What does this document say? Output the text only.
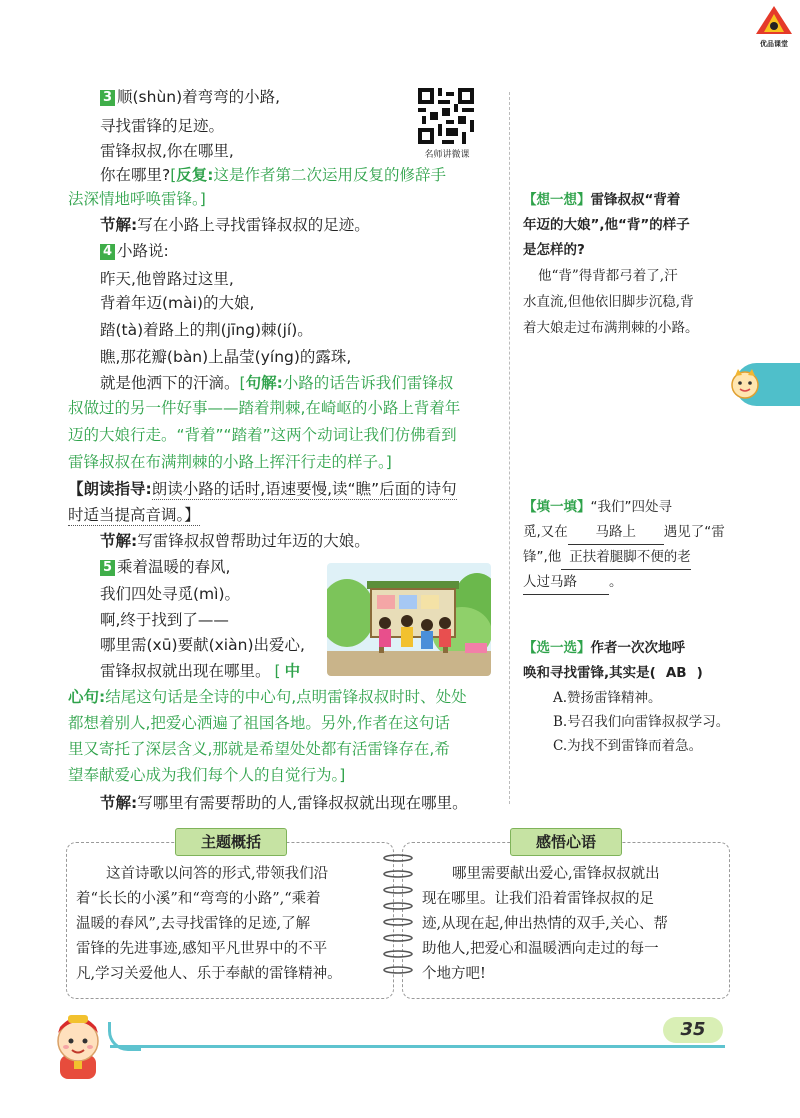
优品课堂
名师讲微课
3 顺(shùn)着弯弯的小路,
寻找雷锋的足迹。
雷锋叔叔,你在哪里,
你在哪里?[反复:这是作者第二次运用反复的修辞手
法深情地呼唤雷锋。]
节解:写在小路上寻找雷锋叔叔的足迹。
4 小路说:
昨天,他曾路过这里,
背着年迈(mài)的大娘,
踏(tà)着路上的荆(jīng)棘(jí)。
瞧,那花瓣(bàn)上晶莹(yíng)的露珠,
就是他洒下的汗滴。[句解:小路的话告诉我们雷锋叔
叔做过的另一件好事——踏着荆棘,在崎岖的小路上背着年
迈的大娘行走。“背着”“踏着”这两个动词让我们仿佛看到
雷锋叔叔在布满荆棘的小路上挥汗行走的样子。]
【朗读指导:朗读小路的话时,语速要慢,读“瞧”后面的诗句
时适当提高音调。】
节解:写雷锋叔叔曾帮助过年迈的大娘。
5 乘着温暖的春风,
我们四处寻觅(mì)。
啊,终于找到了——
哪里需(xū)要献(xiàn)出爱心,
雷锋叔叔就出现在哪里。 [ 中
心句:结尾这句话是全诗的中心句,点明雷锋叔叔时时、处处
都想着别人,把爱心洒遍了祖国各地。另外,作者在这句话
里又寄托了深层含义,那就是希望处处都有活雷锋存在,希
望奉献爱心成为我们每个人的自觉行为。]
节解:写哪里有需要帮助的人,雷锋叔叔就出现在哪里。
【想一想】雷锋叔叔“背着
年迈的大娘”,他“背”的样子
是怎样的?
他“背”得背都弓着了,汗
水直流,但他依旧脚步沉稳,背
着大娘走过布满荆棘的小路。
【填一填】“我们”四处寻
觅,又在 马路上 遇见了“雷
锋”,他 正扶着腿脚不便的老
人过马路 。
【选一选】作者一次次地呼
唤和寻找雷锋,其实是( AB )
A.赞扬雷锋精神。
B.号召我们向雷锋叔叔学习。
C.为找不到雷锋而着急。
主题概括	感悟心语
这首诗歌以问答的形式,带领我们沿
着“长长的小溪”和“弯弯的小路”,“乘着
温暖的春风”,去寻找雷锋的足迹,了解
雷锋的先进事迹,感知平凡世界中的不平
凡,学习关爱他人、乐于奉献的雷锋精神。
哪里需要献出爱心,雷锋叔叔就出
现在哪里。让我们沿着雷锋叔叔的足
迹,从现在起,伸出热情的双手,关心、帮
助他人,把爱心和温暖洒向走过的每一
个地方吧!
35
